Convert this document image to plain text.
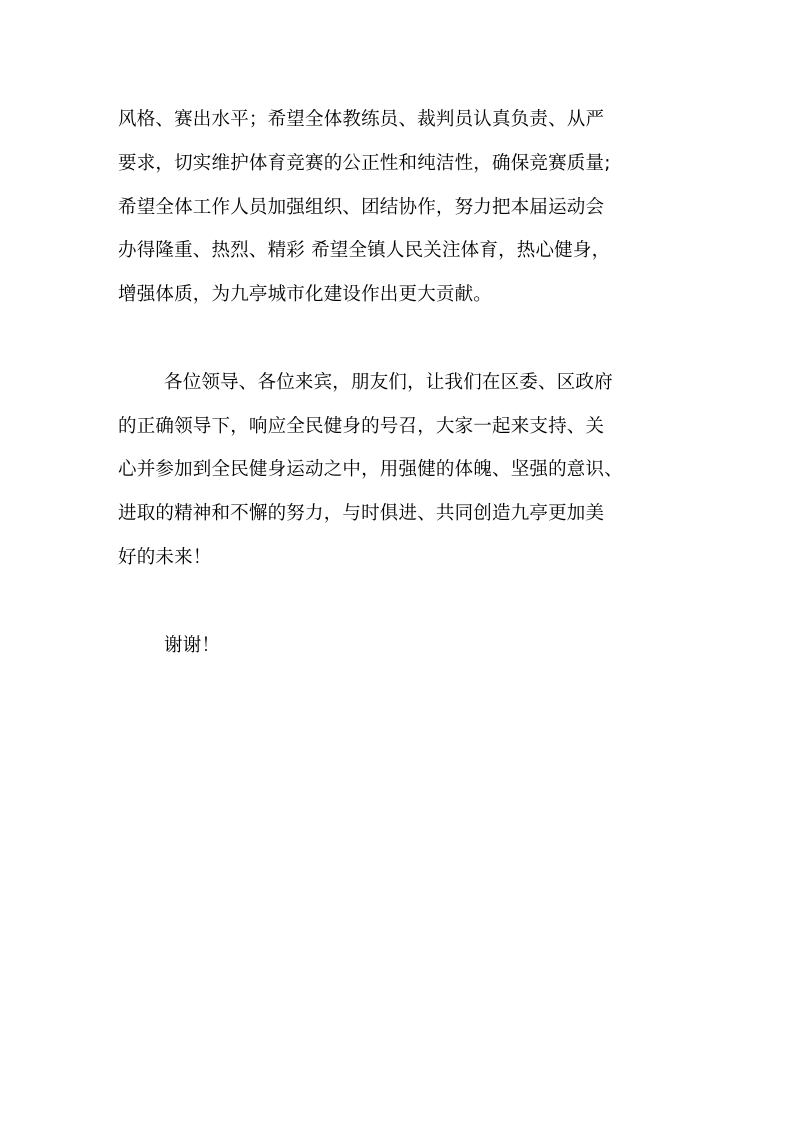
风格、赛出水平；希望全体教练员、裁判员认真负责、从严
要求，切实维护体育竞赛的公正性和纯洁性，确保竞赛质量;
希望全体工作人员加强组织、团结协作，努力把本届运动会
办得隆重、热烈、精彩 希望全镇人民关注体育，热心健身，
增强体质，为九亭城市化建设作出更大贡献。
各位领导、各位来宾，朋友们，让我们在区委、区政府
的正确领导下，响应全民健身的号召，大家一起来支持、关
心并参加到全民健身运动之中，用强健的体魄、坚强的意识、
进取的精神和不懈的努力，与时俱进、共同创造九亭更加美
好的未来！
谢谢！
